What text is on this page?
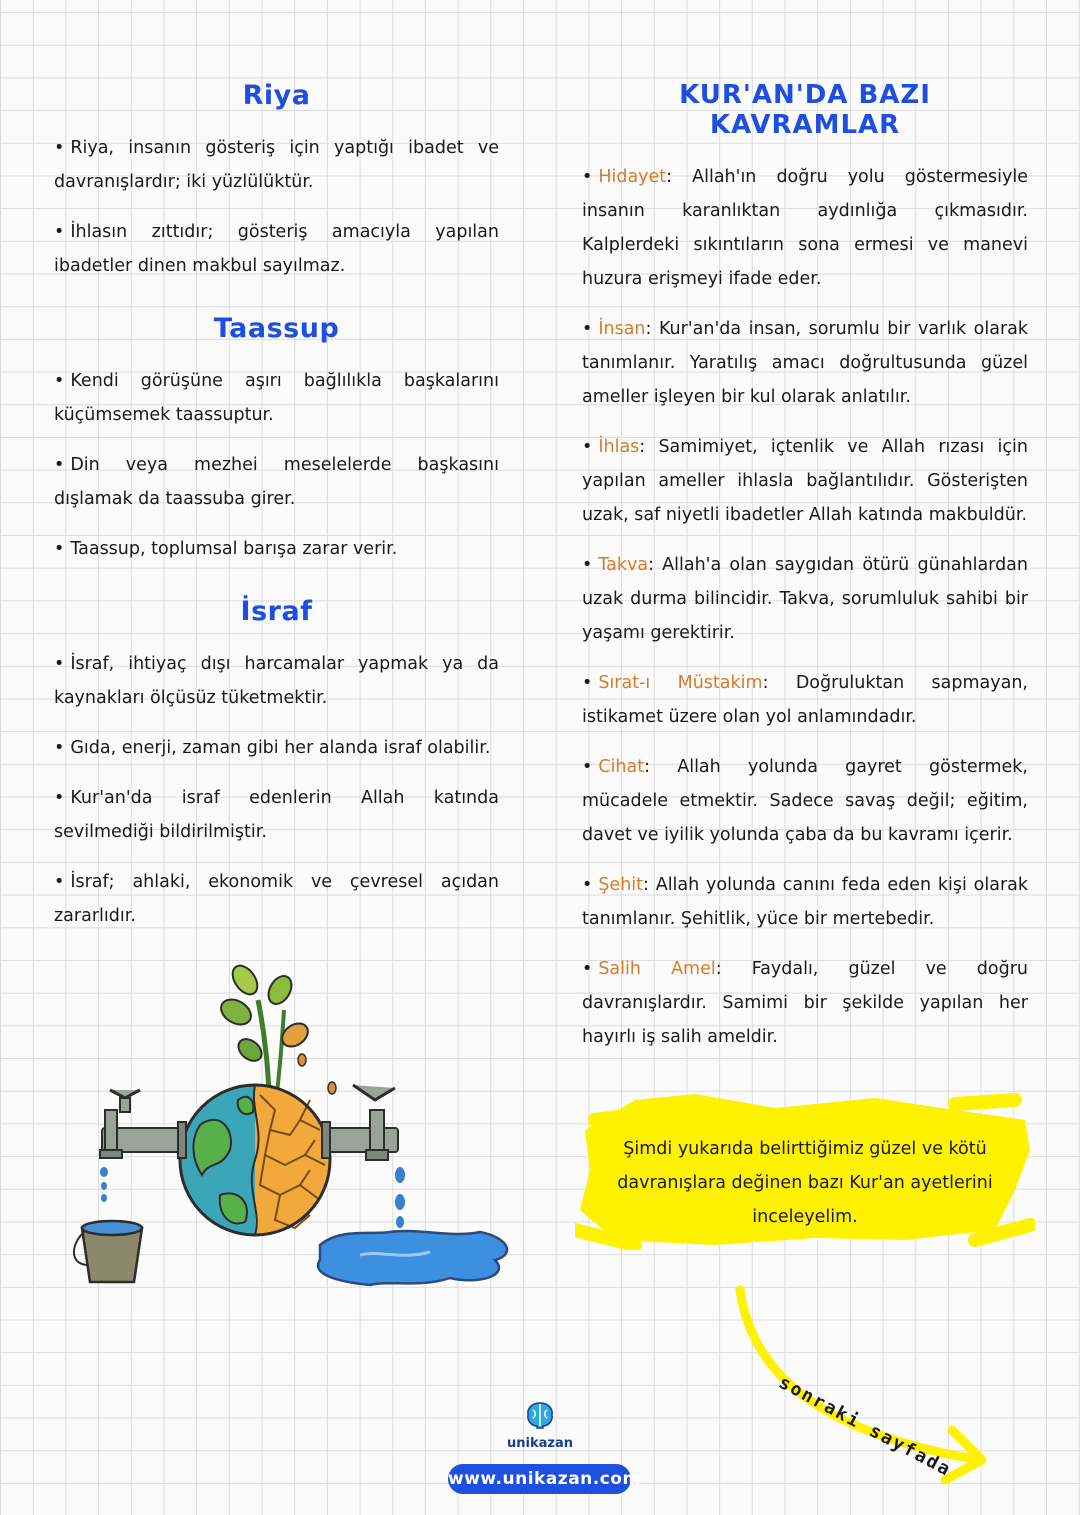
Riya

• Riya, insanın gösteriş için yaptığı ibadet ve davranışlardır; iki yüzlülüktür.

• İhlasın zıttıdır; gösteriş amacıyla yapılan ibadetler dinen makbul sayılmaz.

Taassup

• Kendi görüşüne aşırı bağlılıkla başkalarını küçümsemek taassuptur.

• Din veya mezhei meselelerde başkasını dışlamak da taassuba girer.

• Taassup, toplumsal barışa zarar verir.

İsraf

• İsraf, ihtiyaç dışı harcamalar yapmak ya da kaynakları ölçüsüz tüketmektir.

• Gıda, enerji, zaman gibi her alanda israf olabilir.

• Kur'an'da israf edenlerin Allah katında sevilmediği bildirilmiştir.

• İsraf; ahlaki, ekonomik ve çevresel açıdan zararlıdır.

KUR'AN'DA BAZI KAVRAMLAR

• Hidayet: Allah'ın doğru yolu göstermesiyle insanın karanlıktan aydınlığa çıkmasıdır. Kalplerdeki sıkıntıların sona ermesi ve manevi huzura erişmeyi ifade eder.

• İnsan: Kur'an'da insan, sorumlu bir varlık olarak tanımlanır. Yaratılış amacı doğrultusunda güzel ameller işleyen bir kul olarak anlatılır.

• İhlas: Samimiyet, içtenlik ve Allah rızası için yapılan ameller ihlasla bağlantılıdır. Gösterişten uzak, saf niyetli ibadetler Allah katında makbuldür.

• Takva: Allah'a olan saygıdan ötürü günahlardan uzak durma bilincidir. Takva, sorumluluk sahibi bir yaşamı gerektirir.

• Sırat-ı Müstakim: Doğruluktan sapmayan, istikamet üzere olan yol anlamındadır.

• Cihat: Allah yolunda gayret göstermek, mücadele etmektir. Sadece savaş değil; eğitim, davet ve iyilik yolunda çaba da bu kavramı içerir.

• Şehit: Allah yolunda canını feda eden kişi olarak tanımlanır. Şehitlik, yüce bir mertebedir.

• Salih Amel: Faydalı, güzel ve doğru davranışlardır. Samimi bir şekilde yapılan her hayırlı iş salih ameldir.

Şimdi yukarıda belirttiğimiz güzel ve kötü davranışlara değinen bazı Kur'an ayetlerini inceleyelim.
sonraki sayfada
unikazan
www.unikazan.com
